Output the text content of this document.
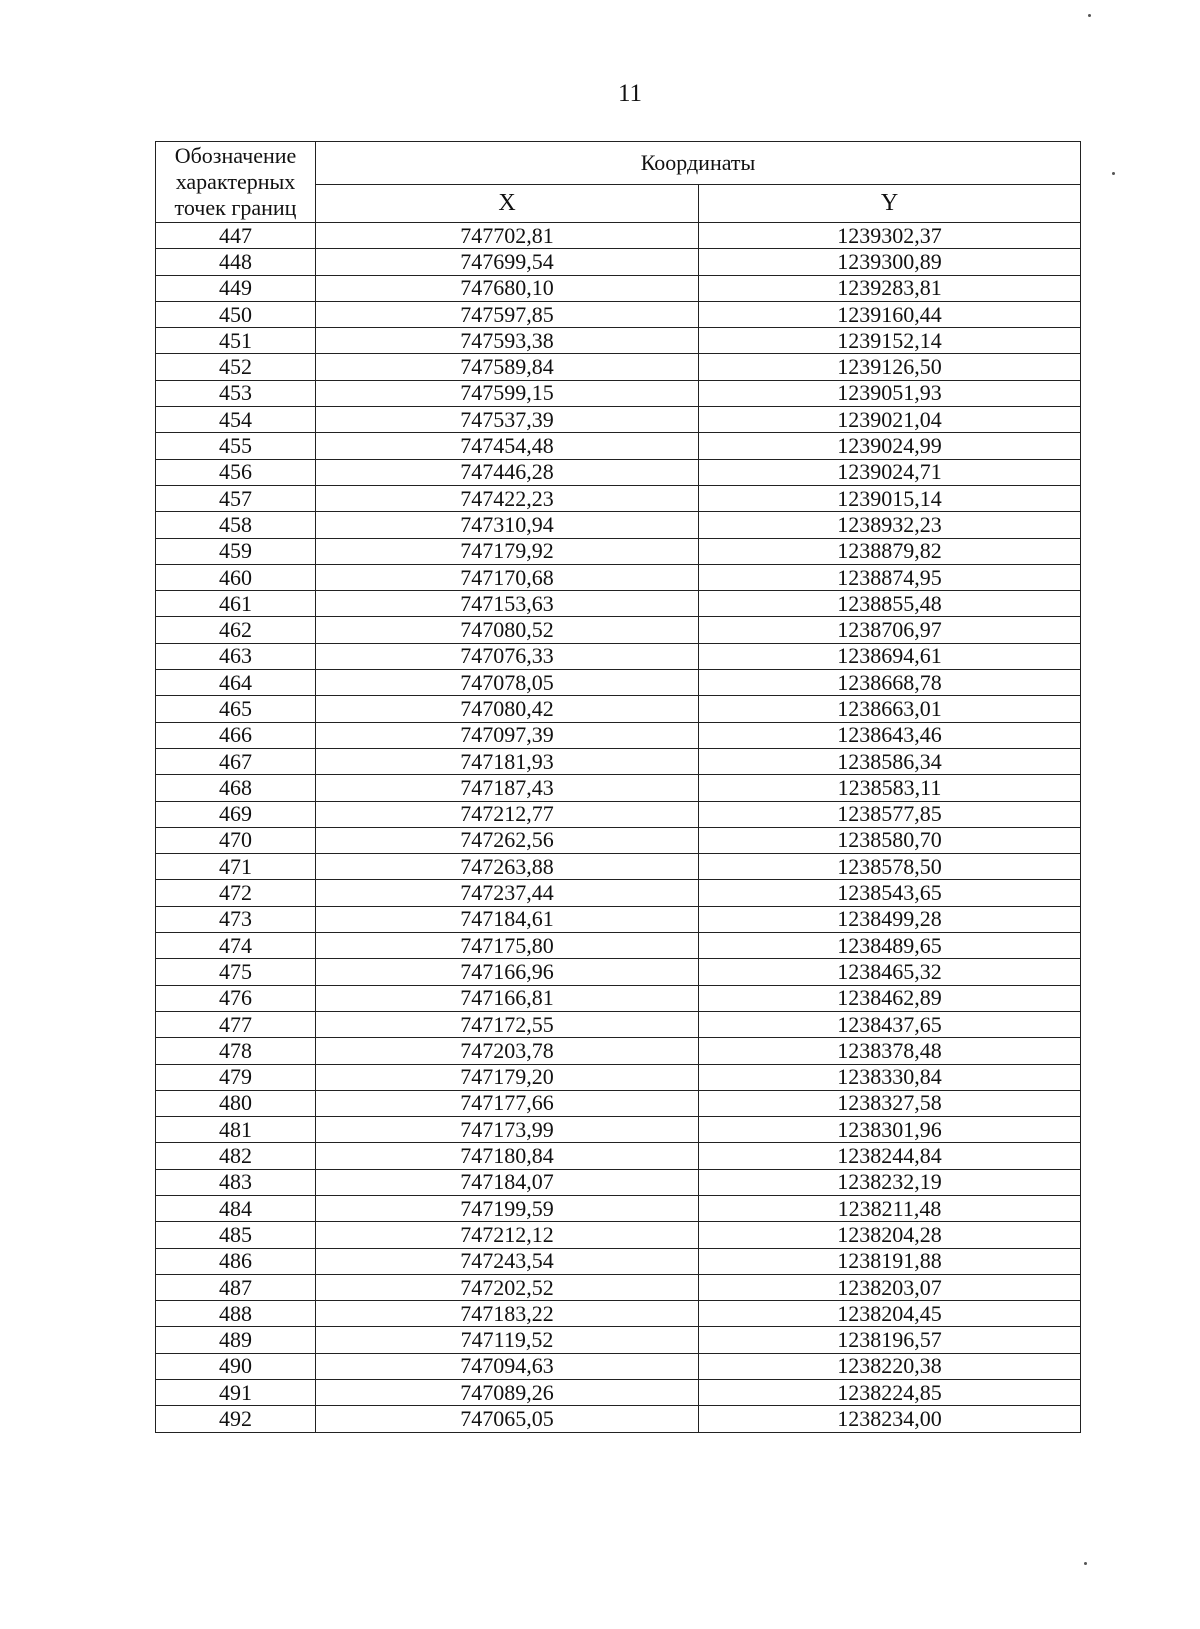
11
Обозначение характерных точек границ	Координаты	
	X	Y
447	747702,81	1239302,37
448	747699,54	1239300,89
449	747680,10	1239283,81
450	747597,85	1239160,44
451	747593,38	1239152,14
452	747589,84	1239126,50
453	747599,15	1239051,93
454	747537,39	1239021,04
455	747454,48	1239024,99
456	747446,28	1239024,71
457	747422,23	1239015,14
458	747310,94	1238932,23
459	747179,92	1238879,82
460	747170,68	1238874,95
461	747153,63	1238855,48
462	747080,52	1238706,97
463	747076,33	1238694,61
464	747078,05	1238668,78
465	747080,42	1238663,01
466	747097,39	1238643,46
467	747181,93	1238586,34
468	747187,43	1238583,11
469	747212,77	1238577,85
470	747262,56	1238580,70
471	747263,88	1238578,50
472	747237,44	1238543,65
473	747184,61	1238499,28
474	747175,80	1238489,65
475	747166,96	1238465,32
476	747166,81	1238462,89
477	747172,55	1238437,65
478	747203,78	1238378,48
479	747179,20	1238330,84
480	747177,66	1238327,58
481	747173,99	1238301,96
482	747180,84	1238244,84
483	747184,07	1238232,19
484	747199,59	1238211,48
485	747212,12	1238204,28
486	747243,54	1238191,88
487	747202,52	1238203,07
488	747183,22	1238204,45
489	747119,52	1238196,57
490	747094,63	1238220,38
491	747089,26	1238224,85
492	747065,05	1238234,00
